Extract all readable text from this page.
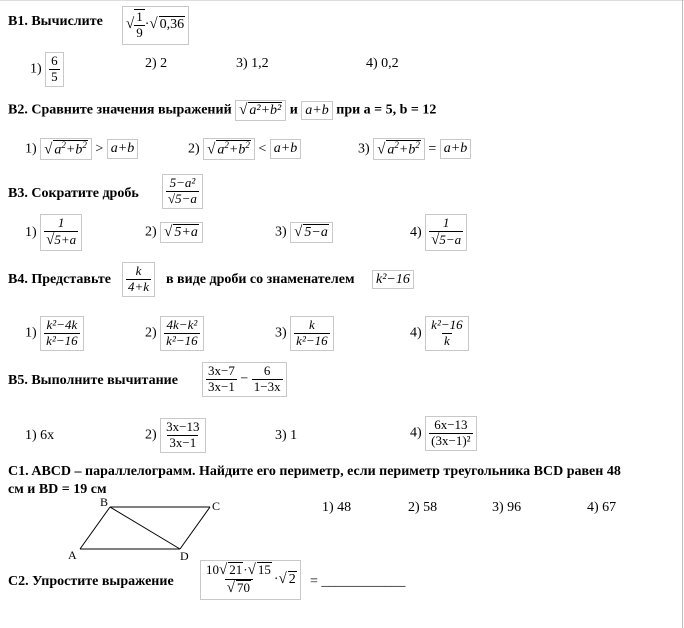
B1. Вычислите √ $\frac{1}{9}$ ·√ 0,36
$1) \frac{6}{5}$	2) 2	3) 1,2	4) 0,2
B2. Сравните значения выражений √ a²+b² и a+b при a = 5, b = 12
1) √ $a^2+b^2 > a+b$	2) √ $a^2+b^2 < a+b$	3) √ $a^2+b^2 = a+b$
B3. Сократите дробь $\frac{\text{5−a²}}{√5-a}$
$1) \frac{1}{√5+a}$	2) √ 5+a	3) √ 5−a	$4) \frac{1}{√5-a}$
B4. Представьте $\frac{k}{4+k}$ в виде дроби со знаменателем k²−16
$1) \frac{\text{k²−4k}}{\text{k²−16}}$	$2) \frac{\text{4k−k²}}{\text{k²−16}}$	$3) \frac{k}{\text{k²−16}}$	$4) \frac{\text{k²−16}}{k}$
B5. Выполните вычитание $\frac{3x-7}{3x-1} - \frac{6}{1-3x}$
1) 6x	$2) \frac{3x-13}{3x-1}$	3) 1	$4) \frac{6x-13}{\text{(3x−1)²}}$
C1. ABCD – параллелограмм. Найдите его периметр, если периметр треугольника BCD равен 48
см и BD = 19 см
A
B	C
D
1) 48	2) 58	3) 96	4) 67
C2. Упростите выражение $\frac{10√ 21\cdot√ 15}{√ 70}$ ·√ 2	= ____________
